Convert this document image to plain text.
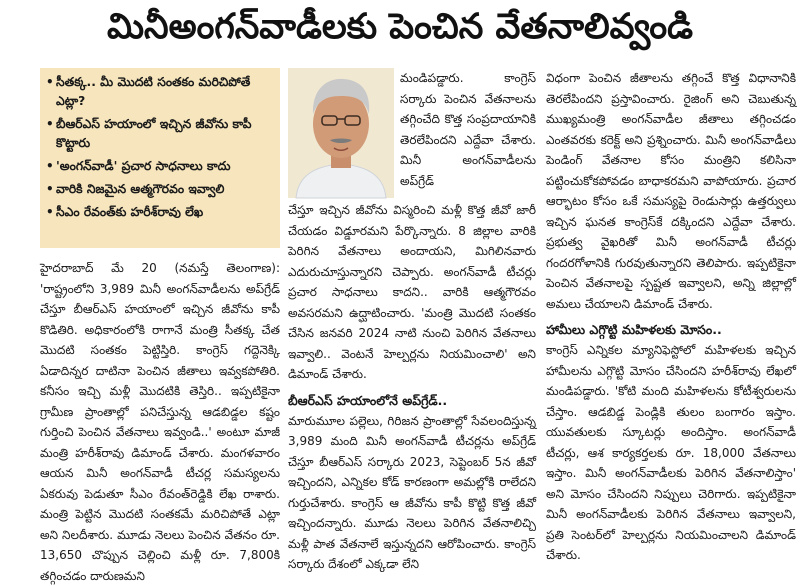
మినీఅంగన్‌వాడీలకు పెంచిన వేతనాలివ్వండి
• సీతక్క.. మీ మొదటి సంతకం మరిచిపోతే ఎట్లా?
• బీఆర్‌ఎస్ హయాంలో ఇచ్చిన జీవోను కాపీ కొట్టారు
• 'అంగన్‌వాడీ' ప్రచార సాధనాలు కాదు
• వారికి నిజమైన ఆత్మగౌరవం ఇవ్వాలి
• సీఎం రేవంత్‌కు హరీశ్‌రావు లేఖ

హైదరాబాద్ మే 20 (నమస్తే తెలంగాణ): 'రాష్ట్రంలోని 3,989 మినీ అంగన్‌వాడీలను అప్‌గ్రేడ్ చేస్తూ బీఆర్‌ఎస్ హయాంలో ఇచ్చిన జీవోను కాపీ కొడితిరి. అధికారంలోకి రాగానే మంత్రి సీతక్క చేత మొదటి సంతకం పెట్టిస్తిరి. కాంగ్రెస్ గద్దెనెక్కి ఏడాదిన్నర దాటినా పెంచిన జీతాలు ఇవ్వకపోతిరి. కనీసం ఇచ్చి మళ్లీ మొదటికి తెస్తిరి.. ఇప్పటికైనా గ్రామీణ ప్రాంతాల్లో పనిచేస్తున్న ఆడబిడ్డల కష్టం గుర్తించి పెంచిన వేతనాలు ఇవ్వండి..' అంటూ మాజీ మంత్రి హరీశ్‌రావు డిమాండ్ చేశారు. మంగళవారం ఆయన మినీ అంగన్‌వాడీ టీచర్ల సమస్యలను ఏకరువు పెడుతూ సీఎం రేవంత్‌రెడ్డికి లేఖ రాశారు. మంత్రి పెట్టిన మొదటి సంతకమే మరిచిపోతే ఎట్లా అని నిలదీశారు. మూడు నెలలు పెంచిన వేతనం రూ. 13,650 చొప్పున చెల్లించి మళ్లీ రూ. 7,800కి తగ్గించడం దారుణమని

మండిపడ్డారు. కాంగ్రెస్ సర్కారు పెంచిన వేతనాలను తగ్గించేది కొత్త సంప్రదాయానికి తెరలేపిందని ఎద్దేవా చేశారు. మినీ అంగన్‌వాడీలను అప్‌గ్రేడ్

చేస్తూ ఇచ్చిన జీవోను విస్మరించి మళ్లీ కొత్త జీవో జారీ చేయడం విడ్డూరమని పేర్కొన్నారు. 8 జిల్లాల వారికి పెరిగిన వేతనాలు అందాయని, మిగిలినవారు ఎదురుచూస్తున్నారని చెప్పారు. అంగన్‌వాడీ టీచర్లు ప్రచార సాధనాలు కాదని.. వారికి ఆత్మగౌరవం అవసరమని ఉద్ఘాటించారు. 'మంత్రి మొదటి సంతకం చేసిన జనవరి 2024 నాటి నుంచి పెరిగిన వేతనాలు ఇవ్వాలి.. వెంటనే హెల్పర్లను నియమించాలి' అని డిమాండ్ చేశారు.

బీఆర్‌ఎస్ హయాంలోనే అప్‌గ్రేడ్..

మారుమూల పల్లెలు, గిరిజన ప్రాంతాల్లో సేవలందిస్తున్న 3,989 మంది మినీ అంగన్‌వాడీ టీచర్లను అప్‌గ్రేడ్ చేస్తూ బీఆర్‌ఎస్ సర్కారు 2023, సెప్టెంబర్ 5న జీవో ఇచ్చిందని, ఎన్నికల కోడ్ కారణంగా అమల్లోకి రాలేదని గుర్తుచేశారు. కాంగ్రెస్ ఆ జీవోను కాపీ కొట్టి కొత్త జీవో ఇచ్చిందన్నారు. మూడు నెలలు పెరిగిన వేతనాలిచ్చి మళ్లీ పాత వేతనాలే ఇస్తున్నదని ఆరోపించారు. కాంగ్రెస్ సర్కారు దేశంలో ఎక్కడా లేని

విధంగా పెంచిన జీతాలను తగ్గించే కొత్త విధానానికి తెరలేపిందని ప్రస్తావించారు. రైజింగ్ అని చెబుతున్న ముఖ్యమంత్రి అంగన్‌వాడీల జీతాలు తగ్గించడం ఎంతవరకు కరెక్ట్ అని ప్రశ్నించారు. మినీ అంగన్‌వాడీలు పెండింగ్ వేతనాల కోసం మంత్రిని కలిసినా పట్టించుకోకపోవడం బాధాకరమని వాపోయారు. ప్రచార ఆర్భాటం కోసం ఒకే సమస్యపై రెండుసార్లు ఉత్తర్వులు ఇచ్చిన ఘనత కాంగ్రెస్‌కే దక్కిందని ఎద్దేవా చేశారు. ప్రభుత్వ వైఖరితో మినీ అంగన్‌వాడీ టీచర్లు గందరగోళానికి గురవుతున్నారని తెలిపారు. ఇప్పటికైనా పెంచిన వేతనాలపై స్పష్టత ఇవ్వాలని, అన్ని జిల్లాల్లో అమలు చేయాలని డిమాండ్ చేశారు.

హామీలు ఎగ్గొట్టి మహిళలకు మోసం..

కాంగ్రెస్ ఎన్నికల మ్యానిఫెస్టోలో మహిళలకు ఇచ్చిన హామీలను ఎగ్గొట్టి మోసం చేసిందని హరీశ్‌రావు లేఖలో మండిపడ్డారు. 'కోటి మంది మహిళలను కోటీశ్వరులను చేస్తాం. ఆడబిడ్డ పెండ్లికి తులం బంగారం ఇస్తాం. యువతులకు స్కూటర్లు అందిస్తాం. అంగన్‌వాడీ టీచర్లు, ఆశ కార్యకర్తలకు రూ. 18,000 వేతనాలు ఇస్తాం. మినీ అంగన్‌వాడీలకు పెరిగిన వేతనాలిస్తాం' అని మోసం చేసిందని నిప్పులు చెరిగారు. ఇప్పటికైనా మినీ అంగన్‌వాడీలకు పెరిగిన వేతనాలు ఇవ్వాలని, ప్రతి సెంటర్‌లో హెల్పర్లను నియమించాలని డిమాండ్ చేశారు.
